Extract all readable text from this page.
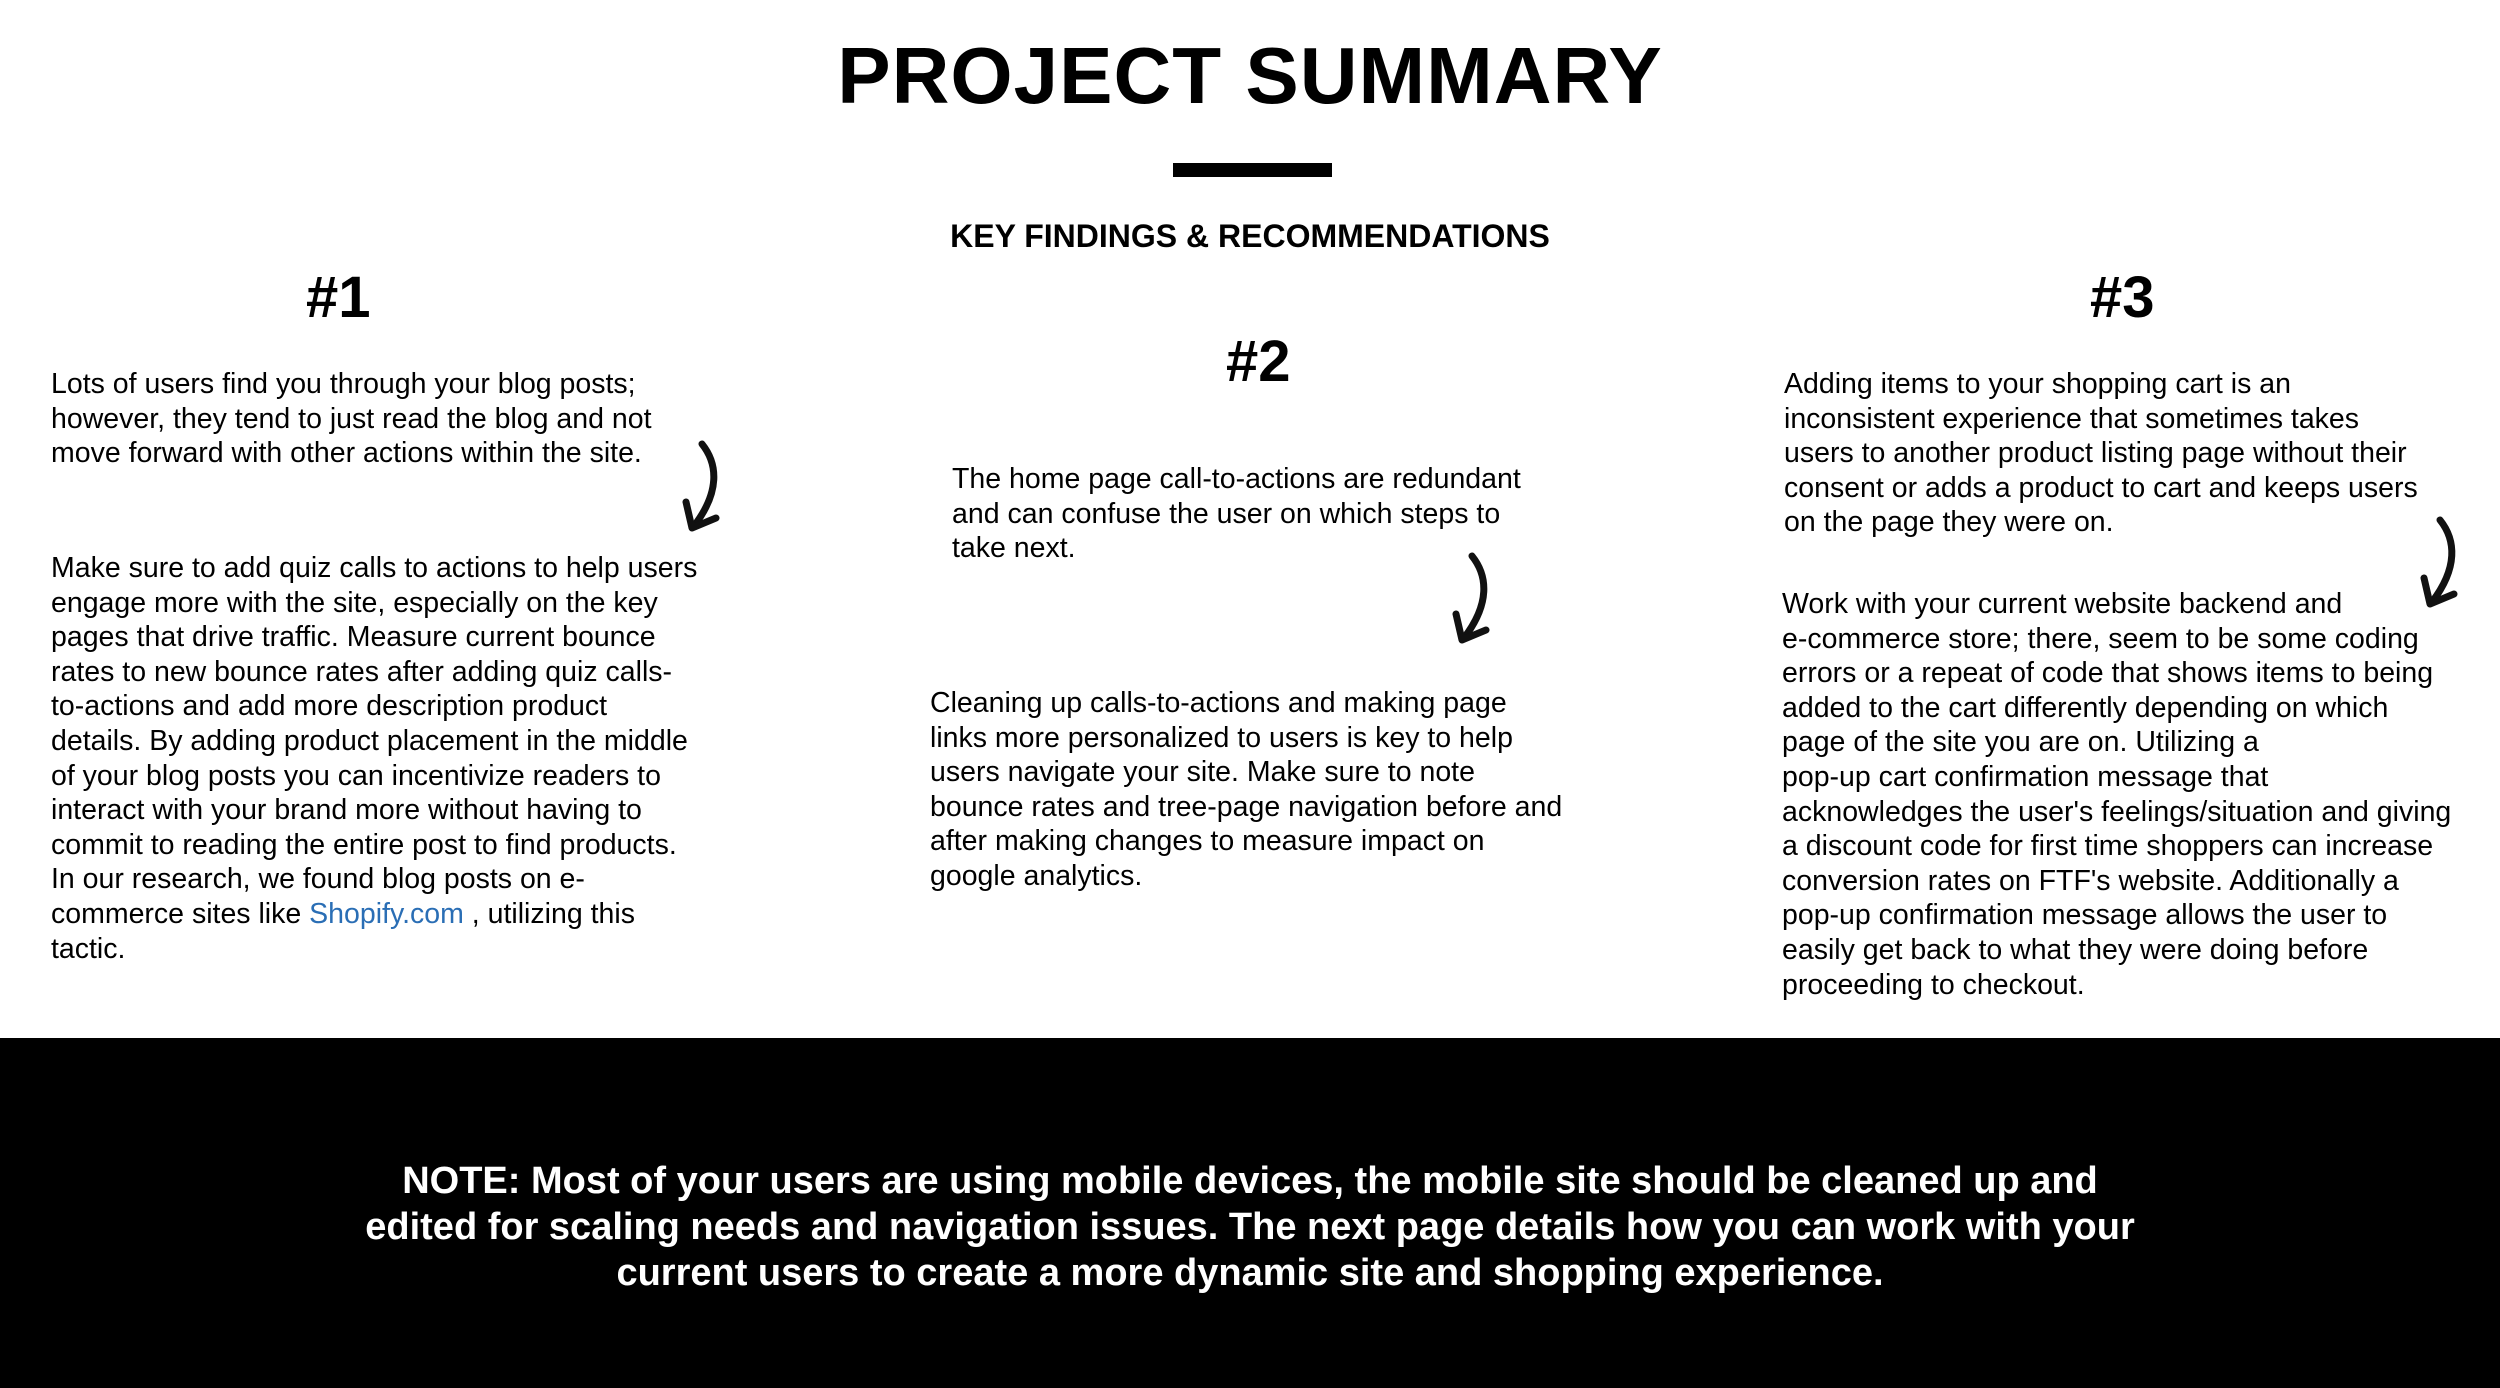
PROJECT SUMMARY
KEY FINDINGS & RECOMMENDATIONS
#1
Lots of users find you through your blog posts;
however, they tend to just read the blog and not
move forward with other actions within the site.
Make sure to add quiz calls to actions to help users
engage more with the site, especially on the key
pages that drive traffic. Measure current bounce
rates to new bounce rates after adding quiz calls-
to-actions and add more description product
details. By adding product placement in the middle
of your blog posts you can incentivize readers to
interact with your brand more without having to
commit to reading the entire post to find products.
In our research, we found blog posts on e-
commerce sites like Shopify.com , utilizing this
tactic.
#2
The home page call-to-actions are redundant
and can confuse the user on which steps to
take next.
Cleaning up calls-to-actions and making page
links more personalized to users is key to help
users navigate your site. Make sure to note
bounce rates and tree-page navigation before and
after making changes to measure impact on
google analytics.
#3
Adding items to your shopping cart is an
inconsistent experience that sometimes takes
users to another product listing page without their
consent or adds a product to cart and keeps users
on the page they were on.
Work with your current website backend and
e-commerce store; there, seem to be some coding
errors or a repeat of code that shows items to being
added to the cart differently depending on which
page of the site you are on. Utilizing a
pop-up cart confirmation message that
acknowledges the user's feelings/situation and giving
a discount code for first time shoppers can increase
conversion rates on FTF's website. Additionally a
pop-up confirmation message allows the user to
easily get back to what they were doing before
proceeding to checkout.
NOTE: Most of your users are using mobile devices, the mobile site should be cleaned up and
edited for scaling needs and navigation issues. The next page details how you can work with your
current users to create a more dynamic site and shopping experience.
